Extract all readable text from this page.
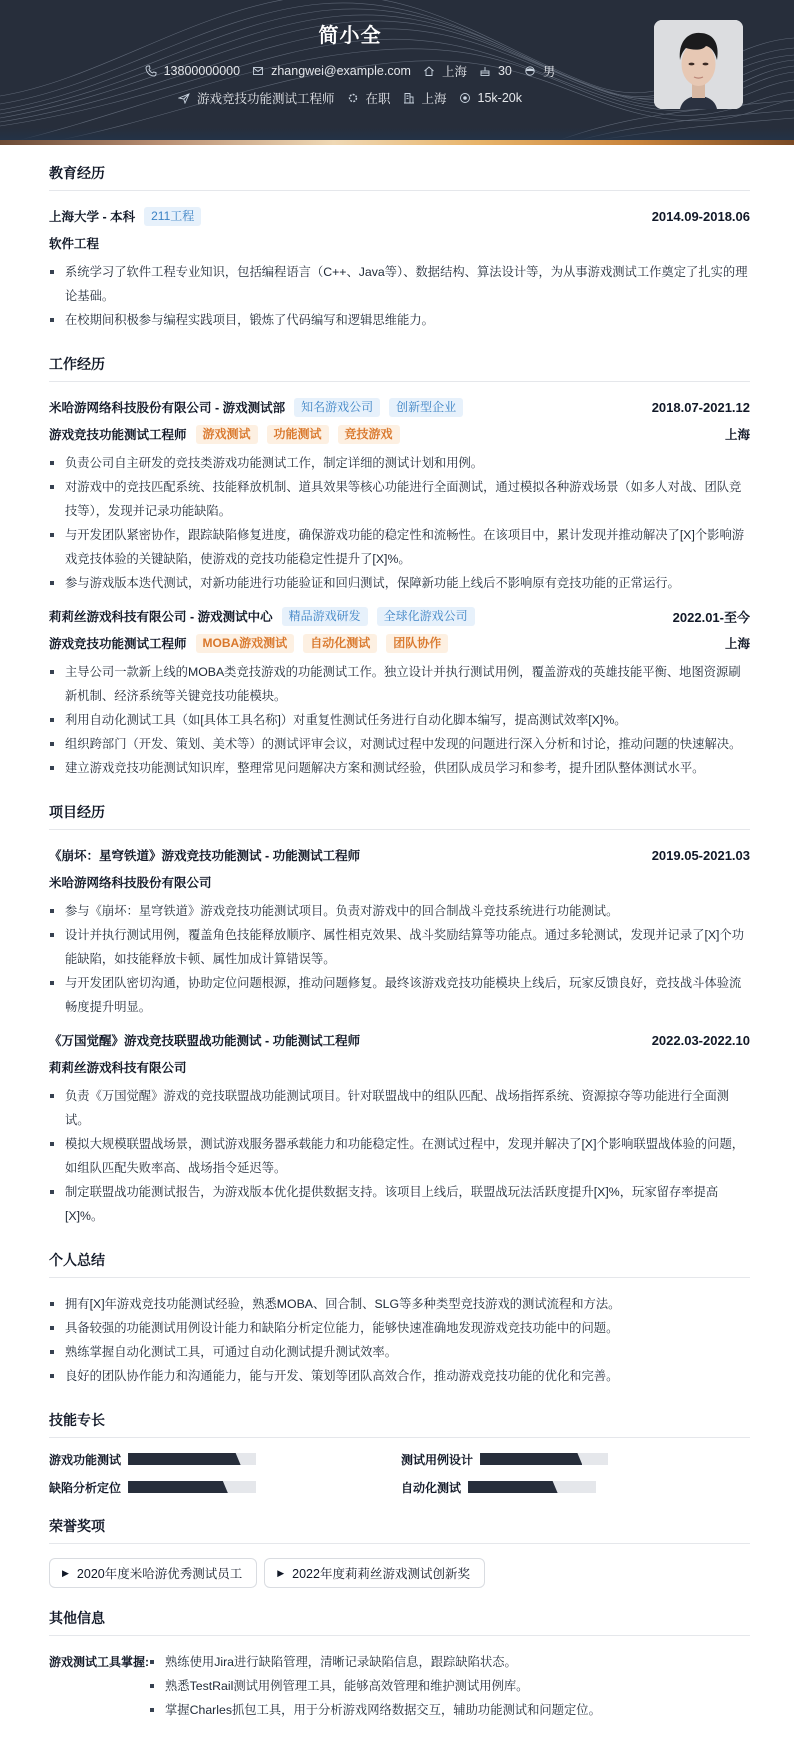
简小全
13800000000 zhangwei@example.com 上海 30 男
游戏竞技功能测试工程师 在职 上海 15k-20k
教育经历
上海大学 - 本科	211工程	2014.09-2018.06
软件工程
系统学习了软件工程专业知识，包括编程语言（C++、Java等）、数据结构、算法设计等，为从事游戏测试工作奠定了扎实的理论基础。
在校期间积极参与编程实践项目，锻炼了代码编写和逻辑思维能力。
工作经历
米哈游网络科技股份有限公司 - 游戏测试部	知名游戏公司	创新型企业	2018.07-2021.12
游戏竞技功能测试工程师	游戏测试	功能测试	竞技游戏	上海
负责公司自主研发的竞技类游戏功能测试工作，制定详细的测试计划和用例。
对游戏中的竞技匹配系统、技能释放机制、道具效果等核心功能进行全面测试，通过模拟各种游戏场景（如多人对战、团队竞技等），发现并记录功能缺陷。
与开发团队紧密协作，跟踪缺陷修复进度，确保游戏功能的稳定性和流畅性。在该项目中，累计发现并推动解决了[X]个影响游戏竞技体验的关键缺陷，使游戏的竞技功能稳定性提升了[X]%。
参与游戏版本迭代测试，对新功能进行功能验证和回归测试，保障新功能上线后不影响原有竞技功能的正常运行。
莉莉丝游戏科技有限公司 - 游戏测试中心	精品游戏研发	全球化游戏公司	2022.01-至今
游戏竞技功能测试工程师	MOBA游戏测试	自动化测试	团队协作	上海
主导公司一款新上线的MOBA类竞技游戏的功能测试工作。独立设计并执行测试用例，覆盖游戏的英雄技能平衡、地图资源刷新机制、经济系统等关键竞技功能模块。
利用自动化测试工具（如[具体工具名称]）对重复性测试任务进行自动化脚本编写，提高测试效率[X]%。
组织跨部门（开发、策划、美术等）的测试评审会议，对测试过程中发现的问题进行深入分析和讨论，推动问题的快速解决。
建立游戏竞技功能测试知识库，整理常见问题解决方案和测试经验，供团队成员学习和参考，提升团队整体测试水平。
项目经历
《崩坏：星穹铁道》游戏竞技功能测试 - 功能测试工程师	2019.05-2021.03
米哈游网络科技股份有限公司
参与《崩坏：星穹铁道》游戏竞技功能测试项目。负责对游戏中的回合制战斗竞技系统进行功能测试。
设计并执行测试用例，覆盖角色技能释放顺序、属性相克效果、战斗奖励结算等功能点。通过多轮测试，发现并记录了[X]个功能缺陷，如技能释放卡顿、属性加成计算错误等。
与开发团队密切沟通，协助定位问题根源，推动问题修复。最终该游戏竞技功能模块上线后，玩家反馈良好，竞技战斗体验流畅度提升明显。
《万国觉醒》游戏竞技联盟战功能测试 - 功能测试工程师	2022.03-2022.10
莉莉丝游戏科技有限公司
负责《万国觉醒》游戏的竞技联盟战功能测试项目。针对联盟战中的组队匹配、战场指挥系统、资源掠夺等功能进行全面测试。
模拟大规模联盟战场景，测试游戏服务器承载能力和功能稳定性。在测试过程中，发现并解决了[X]个影响联盟战体验的问题，如组队匹配失败率高、战场指令延迟等。
制定联盟战功能测试报告，为游戏版本优化提供数据支持。该项目上线后，联盟战玩法活跃度提升[X]%，玩家留存率提高[X]%。
个人总结
拥有[X]年游戏竞技功能测试经验，熟悉MOBA、回合制、SLG等多种类型竞技游戏的测试流程和方法。
具备较强的功能测试用例设计能力和缺陷分析定位能力，能够快速准确地发现游戏竞技功能中的问题。
熟练掌握自动化测试工具，可通过自动化测试提升测试效率。
良好的团队协作能力和沟通能力，能与开发、策划等团队高效合作，推动游戏竞技功能的优化和完善。
技能专长
游戏功能测试	测试用例设计
缺陷分析定位	自动化测试
荣誉奖项
▶ 2020年度米哈游优秀测试员工	▶ 2022年度莉莉丝游戏测试创新奖
其他信息
游戏测试工具掌握:	熟练使用Jira进行缺陷管理，清晰记录缺陷信息，跟踪缺陷状态。
熟悉TestRail测试用例管理工具，能够高效管理和维护测试用例库。
掌握Charles抓包工具，用于分析游戏网络数据交互，辅助功能测试和问题定位。
